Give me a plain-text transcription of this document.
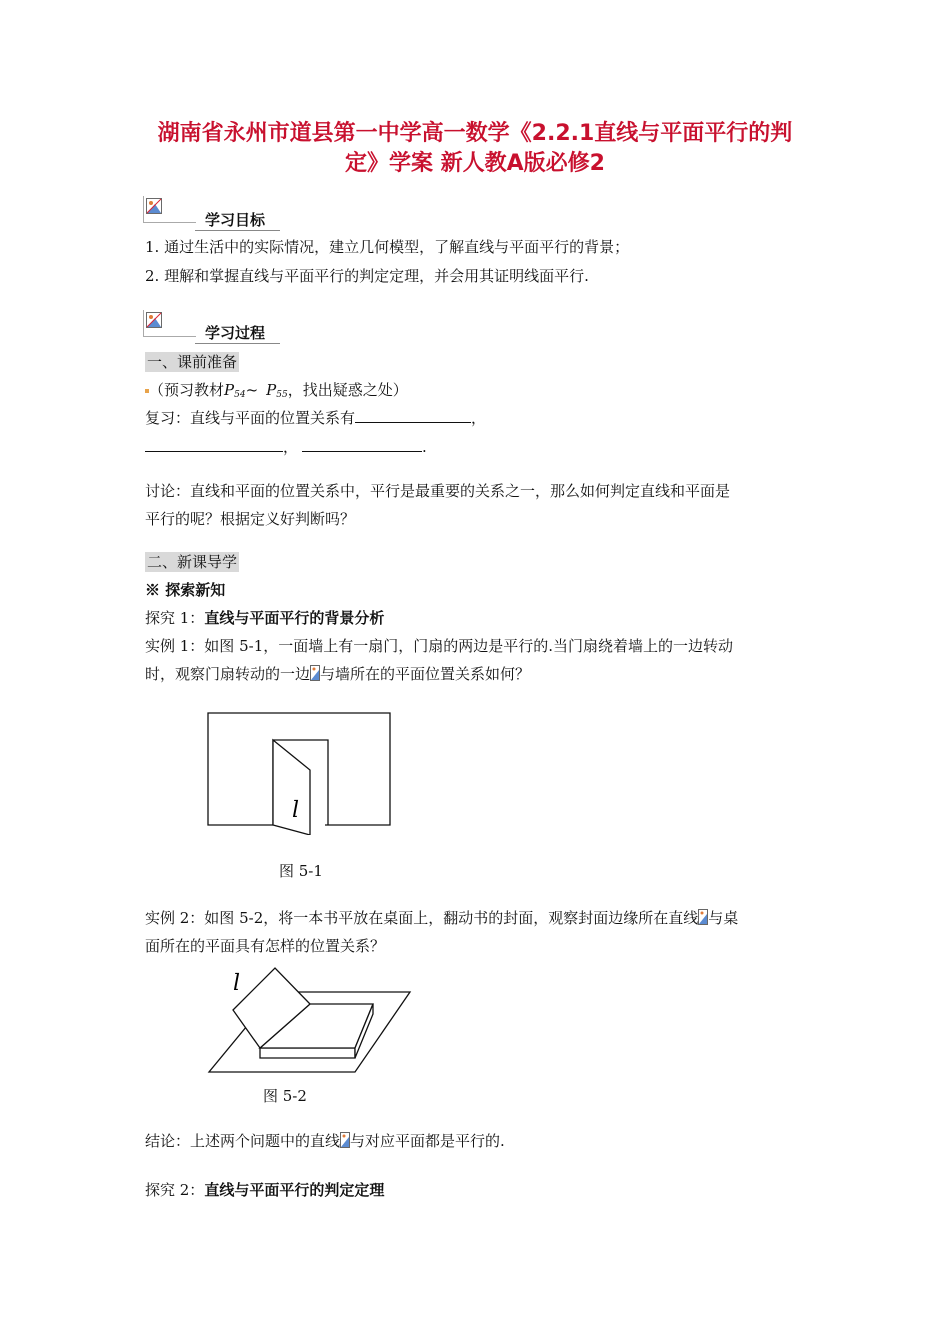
湖南省永州市道县第一中学高一数学《2.2.1直线与平面平行的判
定》学案 新人教A版必修2
学习目标
1. 通过生活中的实际情况，建立几何模型，了解直线与平面平行的背景；
2. 理解和掌握直线与平面平行的判定定理，并会用其证明线面平行.
学习过程
一、课前准备
（预习教材$P_{54}\sim$ $P_{55}$，找出疑惑之处）
复习：直线与平面的位置关系有	，
，	.
讨论：直线和平面的位置关系中，平行是最重要的关系之一，那么如何判定直线和平面是
平行的呢？根据定义好判断吗？
二、新课导学
※ 探索新知
探究 1：直线与平面平行的背景分析
实例 1：如图 5-1，一面墙上有一扇门，门扇的两边是平行的.当门扇绕着墙上的一边转动
时，观察门扇转动的一边 与墙所在的平面位置关系如何？
l
图 5-1
实例 2：如图 5-2，将一本书平放在桌面上，翻动书的封面，观察封面边缘所在直线 与桌
面所在的平面具有怎样的位置关系？
l
图 5-2
结论：上述两个问题中的直线 与对应平面都是平行的.
探究 2：直线与平面平行的判定定理
